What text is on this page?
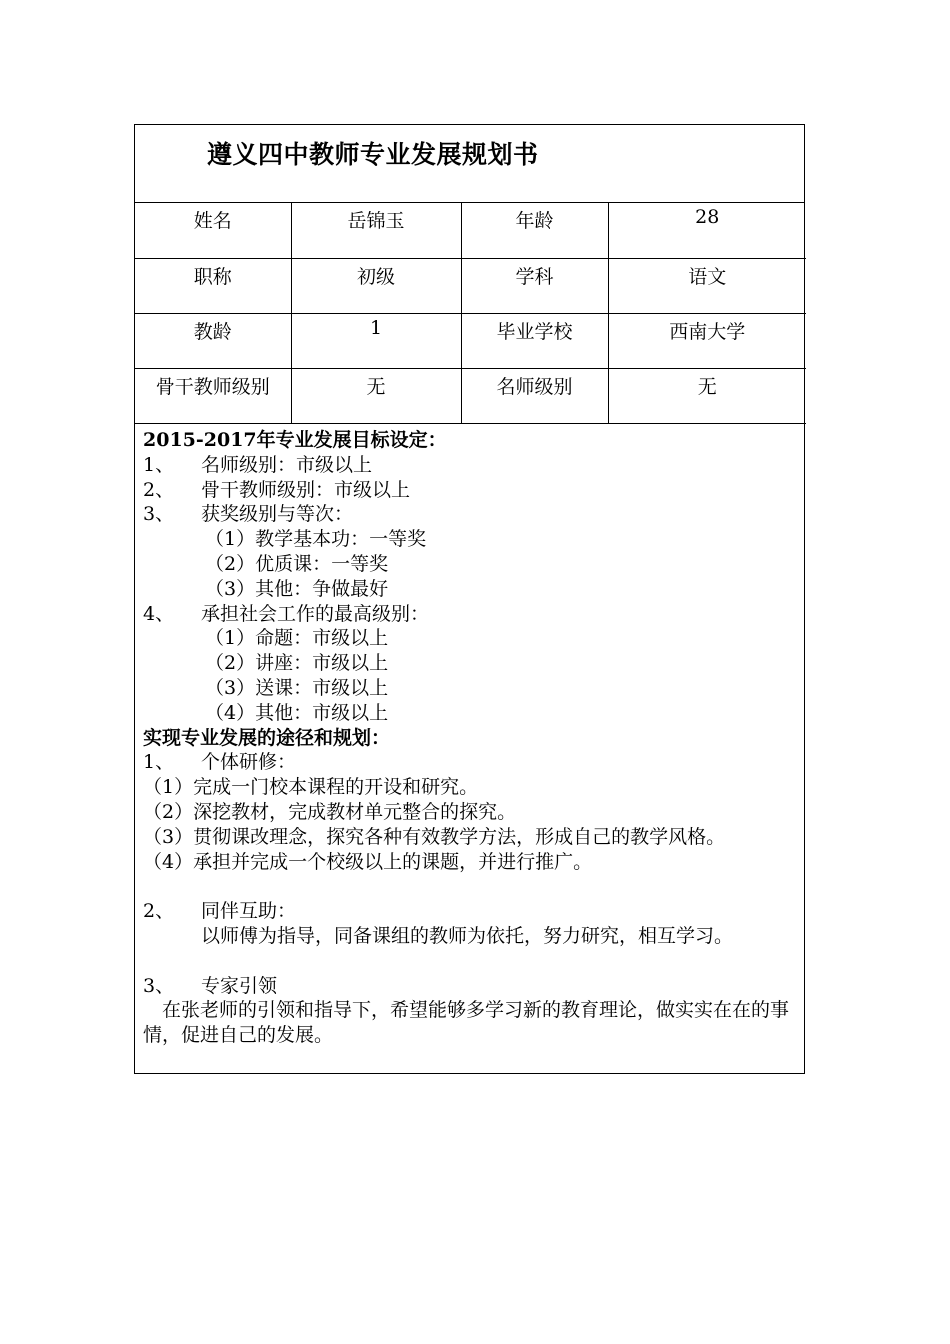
遵义四中教师专业发展规划书
姓名	岳锦玉	年龄	28
职称	初级	学科	语文
教龄	1	毕业学校	西南大学
骨干教师级别	无	名师级别	无
2015-2017年专业发展目标设定：
1、 名师级别：市级以上
2、 骨干教师级别：市级以上
3、 获奖级别与等次：
（1）教学基本功：一等奖
（2）优质课：一等奖
（3）其他：争做最好
4、 承担社会工作的最高级别：
（1）命题：市级以上
（2）讲座：市级以上
（3）送课：市级以上
（4）其他：市级以上
实现专业发展的途径和规划：
1、 个体研修：
（1）完成一门校本课程的开设和研究。
（2）深挖教材，完成教材单元整合的探究。
（3）贯彻课改理念，探究各种有效教学方法，形成自己的教学风格。
（4）承担并完成一个校级以上的课题，并进行推广。
2、 同伴互助：
以师傅为指导，同备课组的教师为依托，努力研究，相互学习。
3、 专家引领
在张老师的引领和指导下，希望能够多学习新的教育理论，做实实在在的事情，促进自己的发展。
